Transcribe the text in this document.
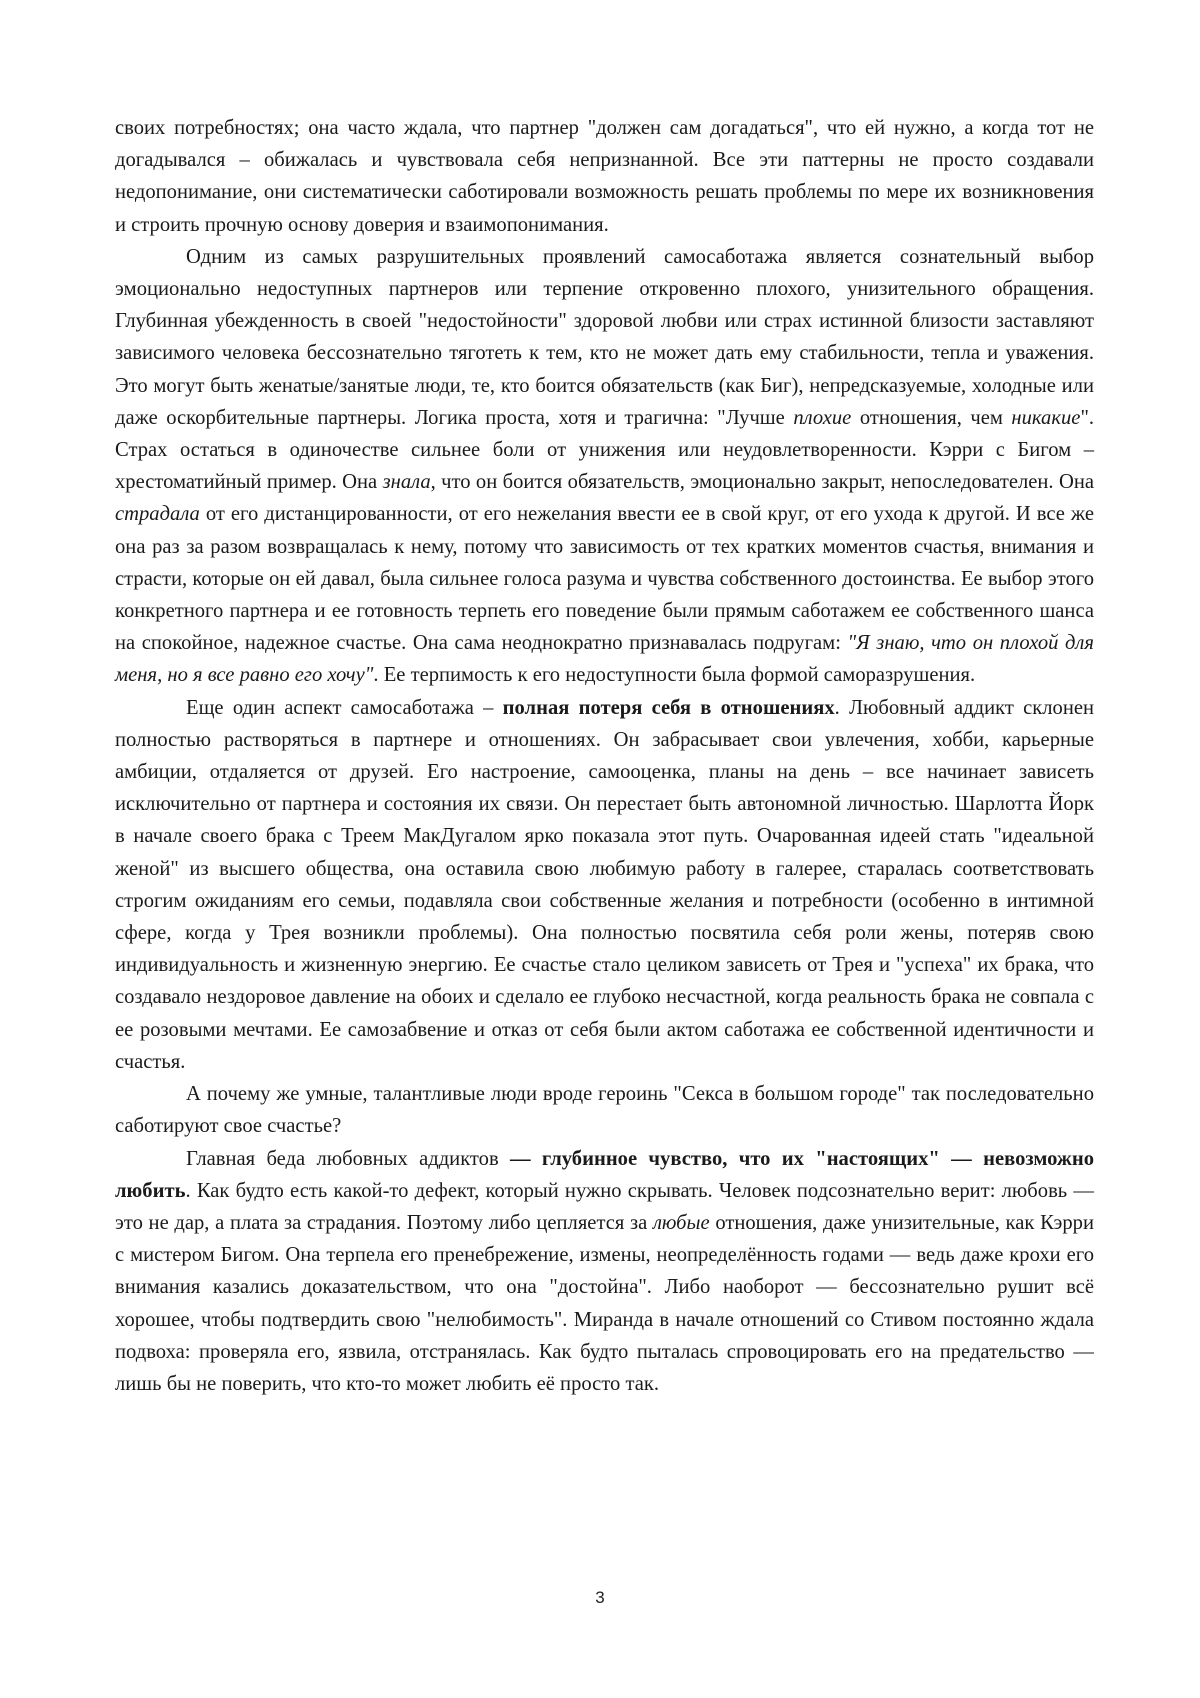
своих потребностях; она часто ждала, что партнер "должен сам догадаться", что ей нужно, а когда тот не догадывался – обижалась и чувствовала себя непризнанной. Все эти паттерны не просто создавали недопонимание, они систематически саботировали возможность решать проблемы по мере их возникновения и строить прочную основу доверия и взаимопонимания.

Одним из самых разрушительных проявлений самосаботажа является сознательный выбор эмоционально недоступных партнеров или терпение откровенно плохого, унизительного обращения. Глубинная убежденность в своей "недостойности" здоровой любви или страх истинной близости заставляют зависимого человека бессознательно тяготеть к тем, кто не может дать ему стабильности, тепла и уважения. Это могут быть женатые/занятые люди, те, кто боится обязательств (как Биг), непредсказуемые, холодные или даже оскорбительные партнеры. Логика проста, хотя и трагична: "Лучше плохие отношения, чем никакие". Страх остаться в одиночестве сильнее боли от унижения или неудовлетворенности. Кэрри с Бигом – хрестоматийный пример. Она знала, что он боится обязательств, эмоционально закрыт, непоследователен. Она страдала от его дистанцированности, от его нежелания ввести ее в свой круг, от его ухода к другой. И все же она раз за разом возвращалась к нему, потому что зависимость от тех кратких моментов счастья, внимания и страсти, которые он ей давал, была сильнее голоса разума и чувства собственного достоинства. Ее выбор этого конкретного партнера и ее готовность терпеть его поведение были прямым саботажем ее собственного шанса на спокойное, надежное счастье. Она сама неоднократно признавалась подругам: "Я знаю, что он плохой для меня, но я все равно его хочу". Ее терпимость к его недоступности была формой саморазрушения.

Еще один аспект самосаботажа – полная потеря себя в отношениях. Любовный аддикт склонен полностью растворяться в партнере и отношениях. Он забрасывает свои увлечения, хобби, карьерные амбиции, отдаляется от друзей. Его настроение, самооценка, планы на день – все начинает зависеть исключительно от партнера и состояния их связи. Он перестает быть автономной личностью. Шарлотта Йорк в начале своего брака с Треем МакДугалом ярко показала этот путь. Очарованная идеей стать "идеальной женой" из высшего общества, она оставила свою любимую работу в галерее, старалась соответствовать строгим ожиданиям его семьи, подавляла свои собственные желания и потребности (особенно в интимной сфере, когда у Трея возникли проблемы). Она полностью посвятила себя роли жены, потеряв свою индивидуальность и жизненную энергию. Ее счастье стало целиком зависеть от Трея и "успеха" их брака, что создавало нездоровое давление на обоих и сделало ее глубоко несчастной, когда реальность брака не совпала с ее розовыми мечтами. Ее самозабвение и отказ от себя были актом саботажа ее собственной идентичности и счастья.

А почему же умные, талантливые люди вроде героинь "Секса в большом городе" так последовательно саботируют свое счастье?

Главная беда любовных аддиктов — глубинное чувство, что их "настоящих" — невозможно любить. Как будто есть какой-то дефект, который нужно скрывать. Человек подсознательно верит: любовь — это не дар, а плата за страдания. Поэтому либо цепляется за любые отношения, даже унизительные, как Кэрри с мистером Бигом. Она терпела его пренебрежение, измены, неопределённость годами — ведь даже крохи его внимания казались доказательством, что она "достойна". Либо наоборот — бессознательно рушит всё хорошее, чтобы подтвердить свою "нелюбимость". Миранда в начале отношений со Стивом постоянно ждала подвоха: проверяла его, язвила, отстранялась. Как будто пыталась спровоцировать его на предательство — лишь бы не поверить, что кто-то может любить её просто так.

3
